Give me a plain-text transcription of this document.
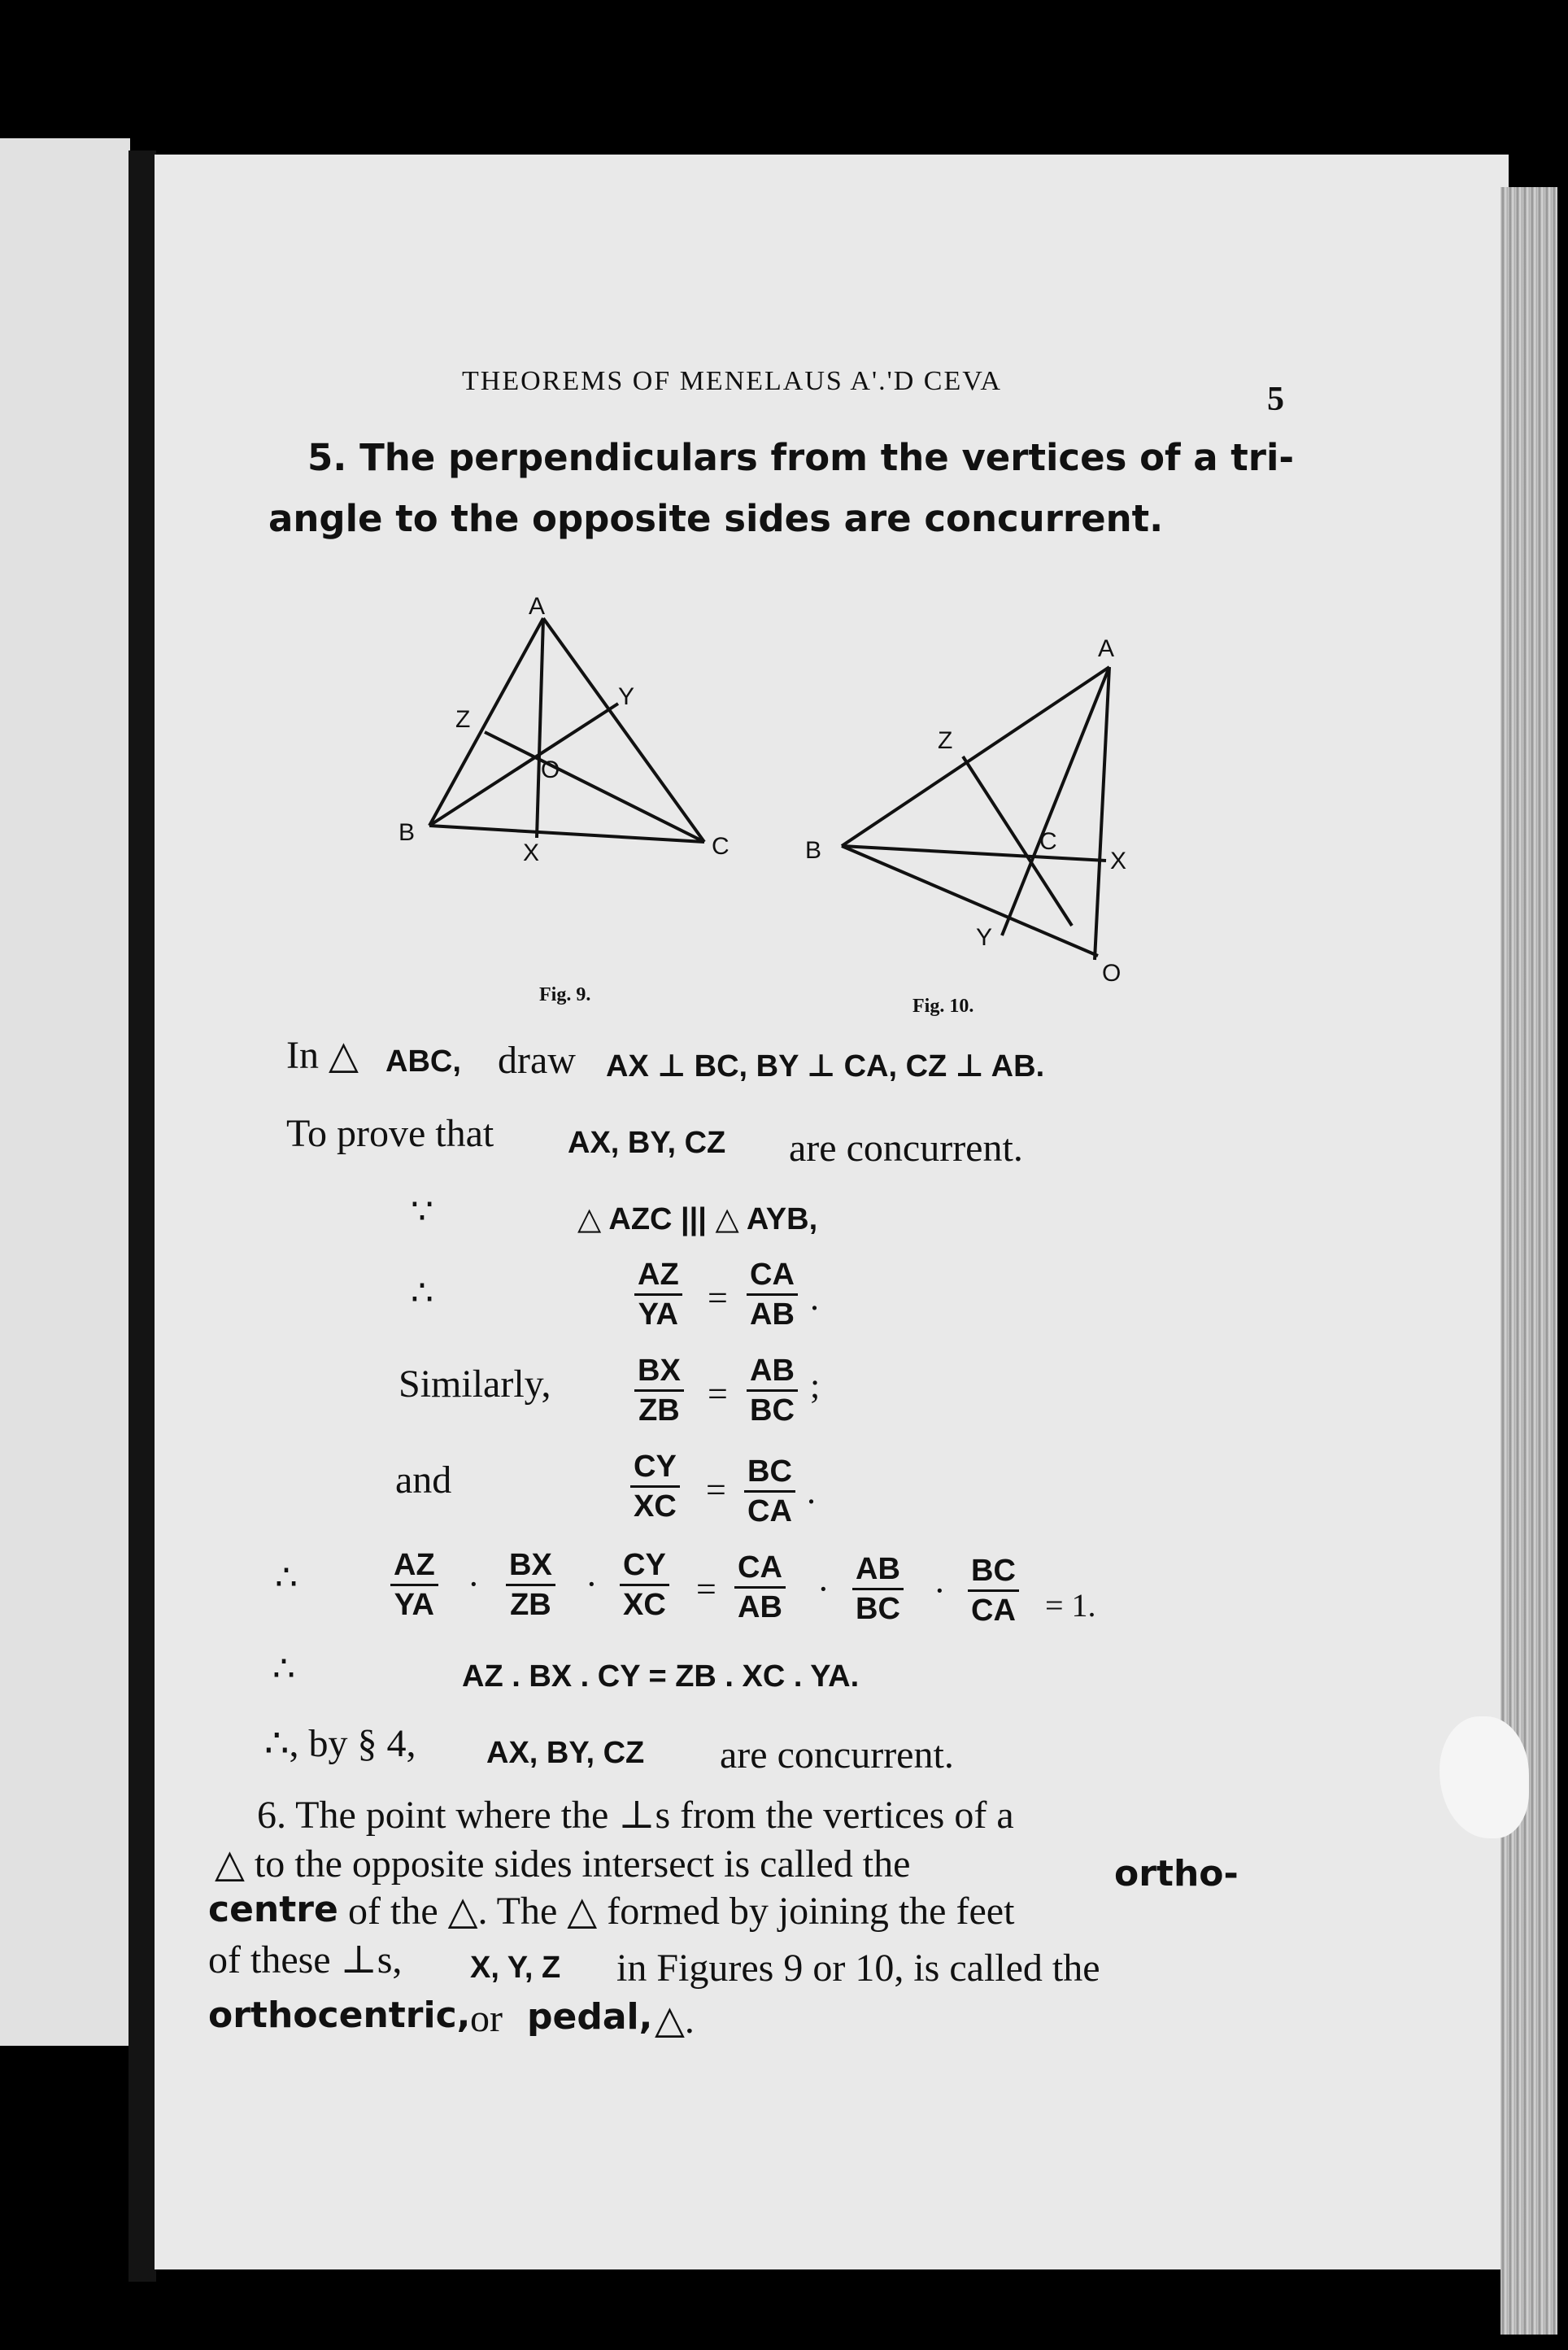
THEOREMS OF MENELAUS A'.'D CEVA	5
5. The perpendiculars from the vertices of a tri-
angle to the opposite sides are concurrent.
A
B
C
X
Y
Z
O
Fig. 9.
A
B	C
X
Y
Z
O
Fig. 10.
In △ ABC, draw AX ⊥ BC, BY ⊥ CA, CZ ⊥ AB.
To prove that AX, BY, CZ are concurrent.
∵	△ AZC ||| △ AYB,
∴	$\frac{AZ}{YA} = \frac{CA}{AB}$ .
Similarly,	$\frac{BX}{ZB} = \frac{AB}{BC}$ ;
and	$\frac{CY}{XC} = \frac{BC}{CA}$ .
∴	$\frac{AZ}{YA} \cdot \frac{BX}{ZB} \cdot \frac{CY}{XC} = \frac{CA}{AB} \cdot \frac{AB}{BC} \cdot \frac{BC}{CA} = 1$.
∴	AZ . BX . CY = ZB . XC . YA.
∴, by § 4, AX, BY, CZ are concurrent.
6. The point where the ⊥s from the vertices of a
△ to the opposite sides intersect is called the	ortho-
centre of the △. The △ formed by joining the feet
of these ⊥s, X, Y, Z in Figures 9 or 10, is called the
orthocentric, or pedal, △.
